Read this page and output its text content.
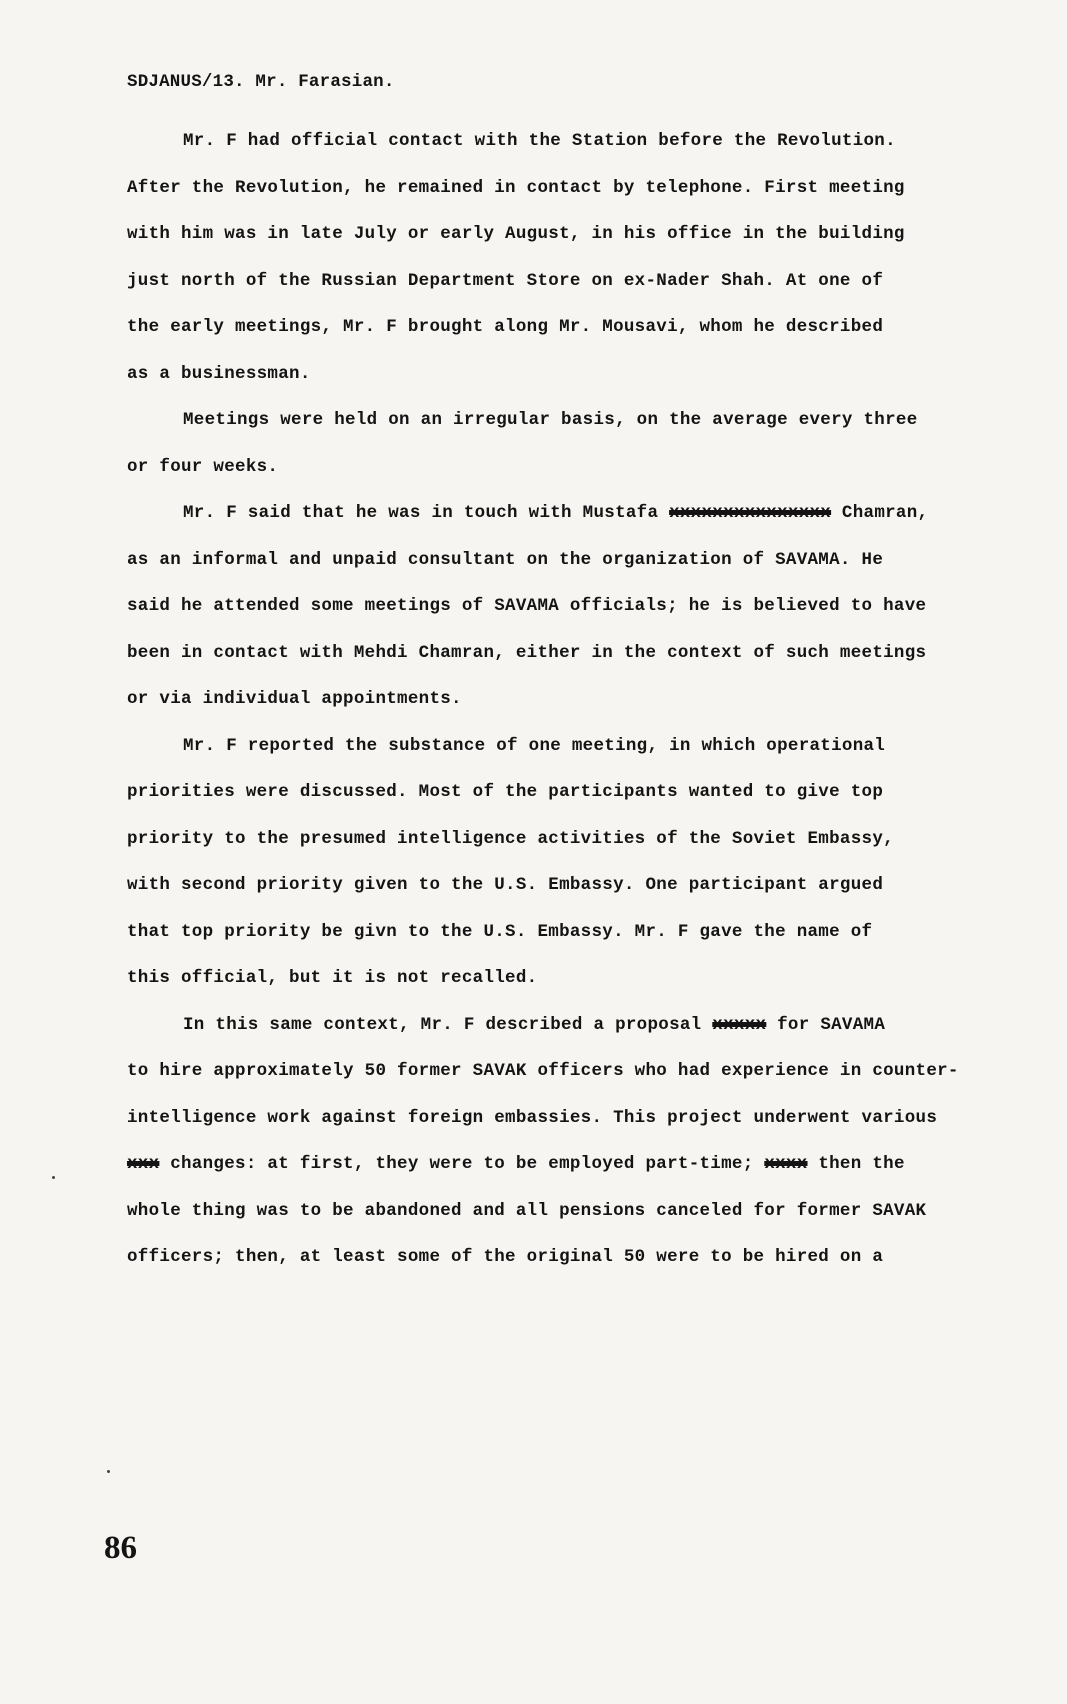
SDJANUS/13. Mr. Farasian.

Mr. F had official contact with the Station before the Revolution.
After the Revolution, he remained in contact by telephone. First meeting
with him was in late July or early August, in his office in the building
just north of the Russian Department Store on ex-Nader Shah. At one of
the early meetings, Mr. F brought along Mr. Mousavi, whom he described
as a businessman.

Meetings were held on an irregular basis, on the average every three
or four weeks.

Mr. F said that he was in touch with Mustafa xxxxxxxxxxxxxxx Chamran,
as an informal and unpaid consultant on the organization of SAVAMA. He
said he attended some meetings of SAVAMA officials; he is believed to have
been in contact with Mehdi Chamran, either in the context of such meetings
or via individual appointments.

Mr. F reported the substance of one meeting, in which operational
priorities were discussed. Most of the participants wanted to give top
priority to the presumed intelligence activities of the Soviet Embassy,
with second priority given to the U.S. Embassy. One participant argued
that top priority be givn to the U.S. Embassy. Mr. F gave the name of
this official, but it is not recalled.

In this same context, Mr. F described a proposal xxxxx for SAVAMA
to hire approximately 50 former SAVAK officers who had experience in counter-
intelligence work against foreign embassies. This project underwent various
xxx changes: at first, they were to be employed part-time; xxxx then the
whole thing was to be abandoned and all pensions canceled for former SAVAK
officers; then, at least some of the original 50 were to be hired on a

86
